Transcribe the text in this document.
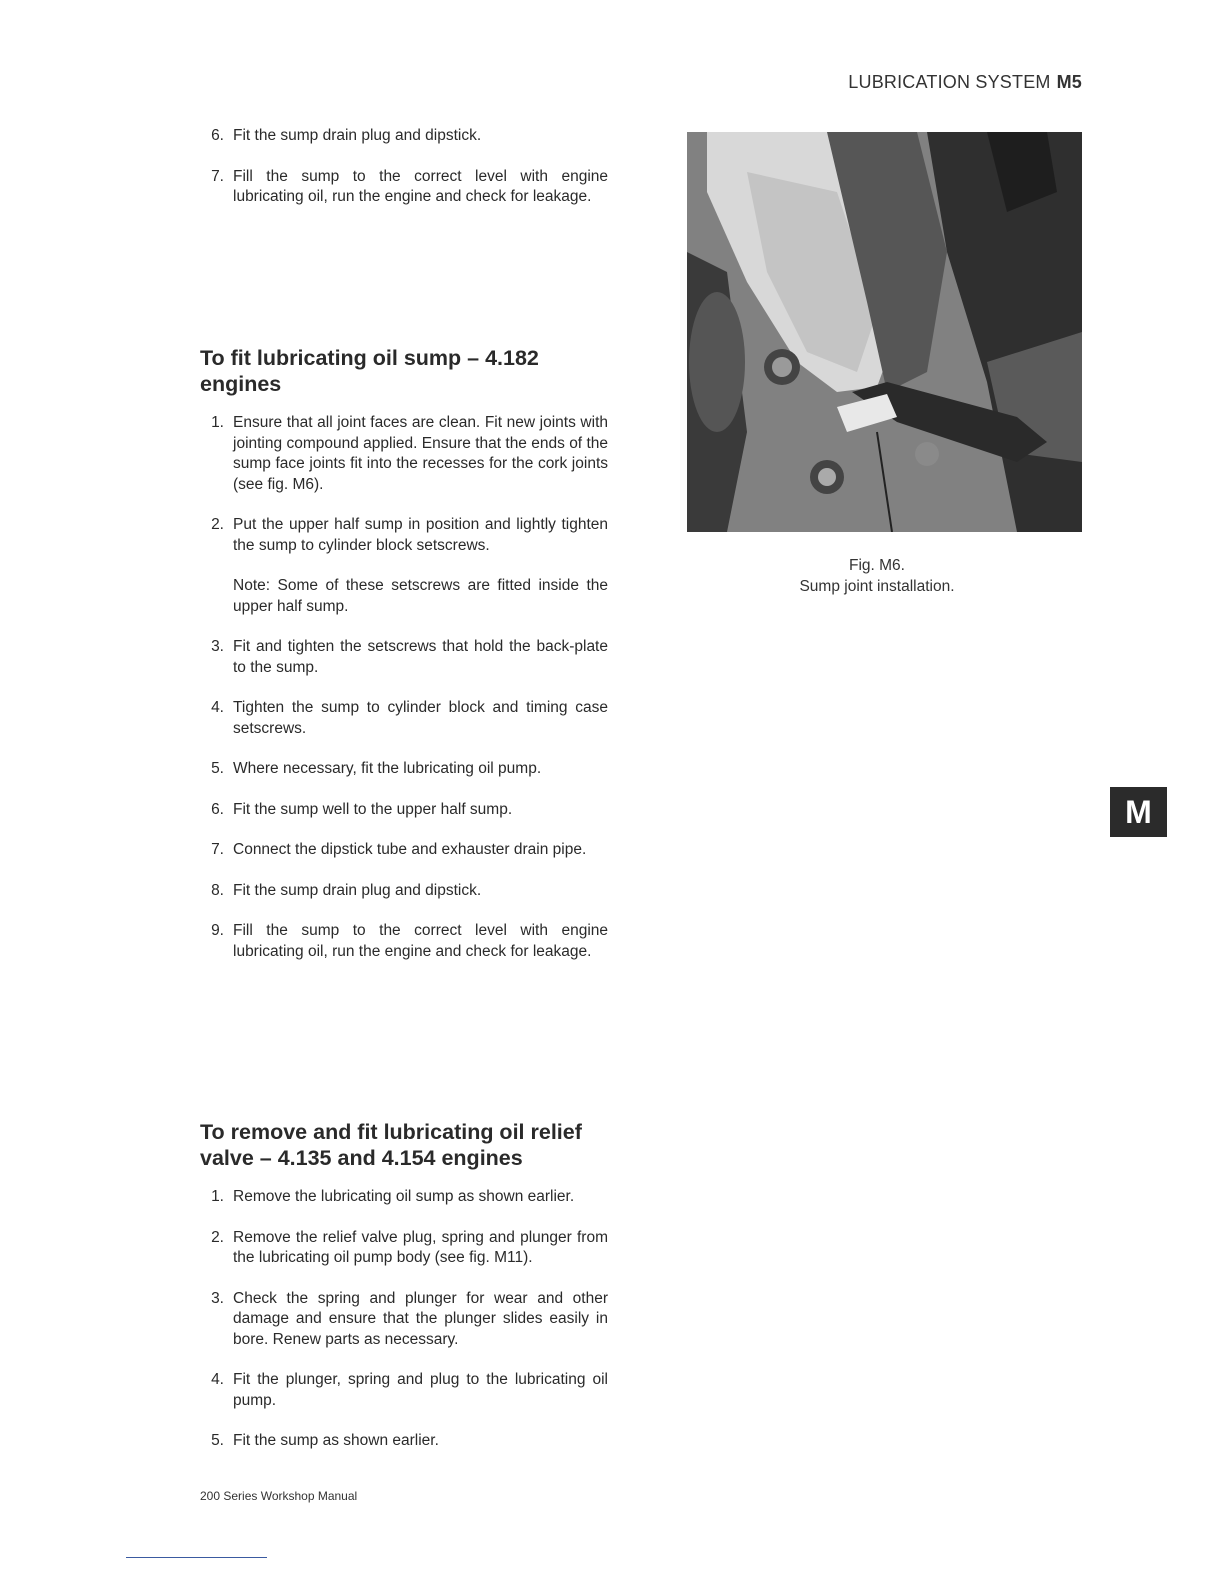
LUBRICATION SYSTEM M5
6. Fit the sump drain plug and dipstick.
7. Fill the sump to the correct level with engine lubricating oil, run the engine and check for leakage.
To fit lubricating oil sump – 4.182 engines
1. Ensure that all joint faces are clean. Fit new joints with jointing compound applied. Ensure that the ends of the sump face joints fit into the recesses for the cork joints (see fig. M6).
2. Put the upper half sump in position and lightly tighten the sump to cylinder block setscrews.
Note: Some of these setscrews are fitted inside the upper half sump.
3. Fit and tighten the setscrews that hold the back-plate to the sump.
4. Tighten the sump to cylinder block and timing case setscrews.
5. Where necessary, fit the lubricating oil pump.
6. Fit the sump well to the upper half sump.
7. Connect the dipstick tube and exhauster drain pipe.
8. Fit the sump drain plug and dipstick.
9. Fill the sump to the correct level with engine lubricating oil, run the engine and check for leakage.
To remove and fit lubricating oil relief valve – 4.135 and 4.154 engines
1. Remove the lubricating oil sump as shown earlier.
2. Remove the relief valve plug, spring and plunger from the lubricating oil pump body (see fig. M11).
3. Check the spring and plunger for wear and other damage and ensure that the plunger slides easily in bore. Renew parts as necessary.
4. Fit the plunger, spring and plug to the lubricating oil pump.
5. Fit the sump as shown earlier.
Fig. M6.
Sump joint installation.
M
200 Series Workshop Manual
